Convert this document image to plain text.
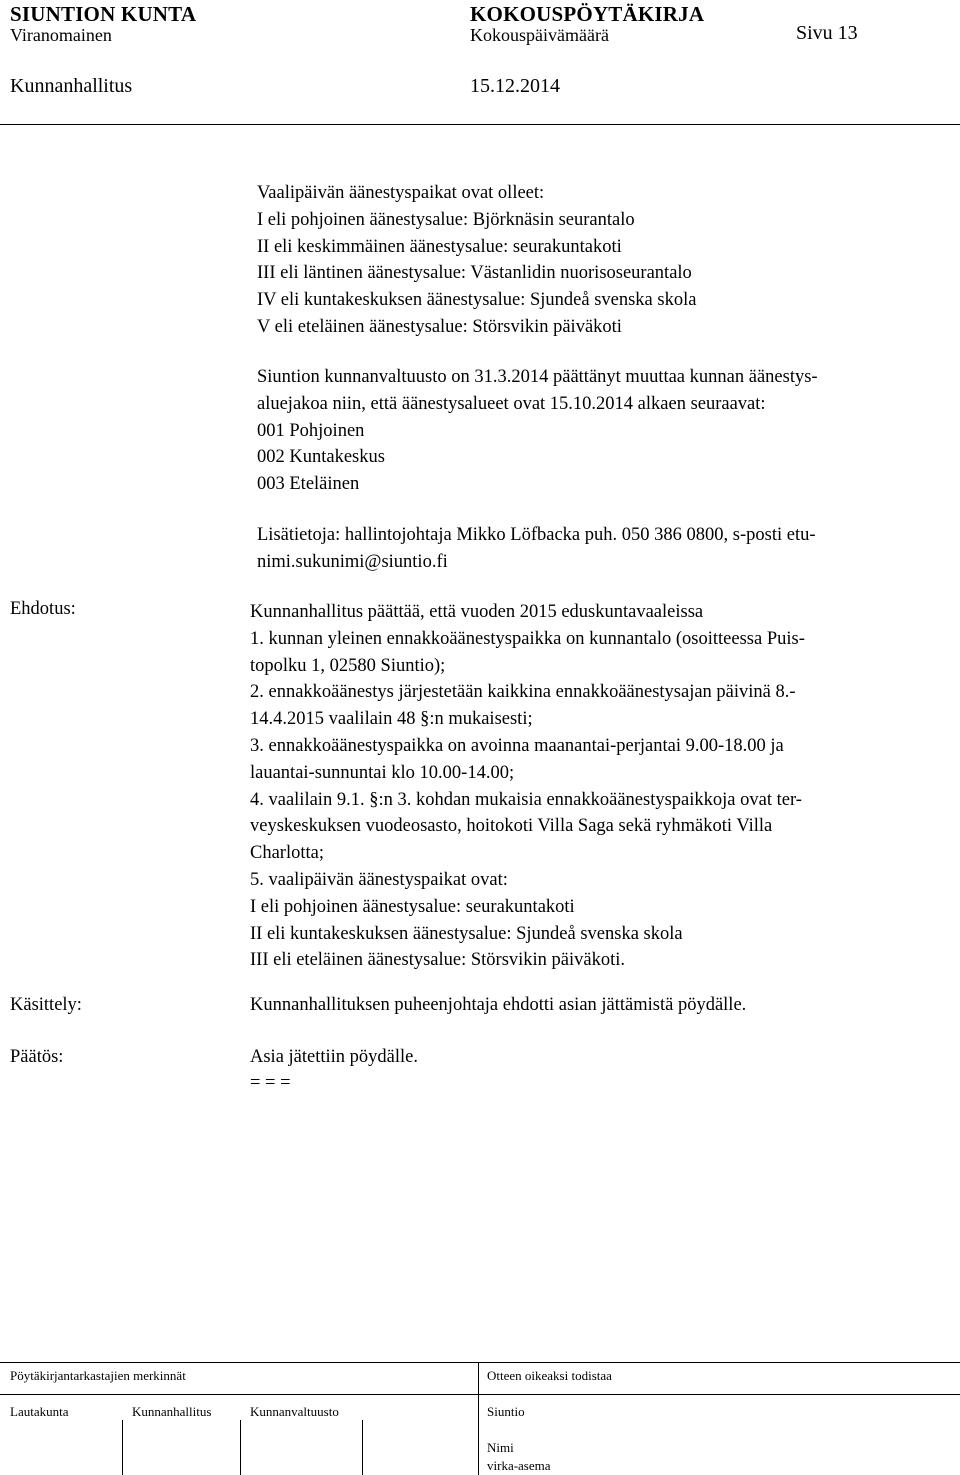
SIUNTION KUNTA	KOKOUSPÖYTÄKIRJA
Viranomainen	Kokouspäivämäärä	Sivu 13
Kunnanhallitus	15.12.2014
Vaalipäivän äänestyspaikat ovat olleet:
I eli pohjoinen äänestysalue: Björknäsin seurantalo
II eli keskimmäinen äänestysalue: seurakuntakoti
III eli läntinen äänestysalue: Västanlidin nuorisoseurantalo
IV eli kuntakeskuksen äänestysalue: Sjundeå svenska skola
V eli eteläinen äänestysalue: Störsvikin päiväkoti
Siuntion kunnanvaltuusto on 31.3.2014 päättänyt muuttaa kunnan äänestys-
aluejakoa niin, että äänestysalueet ovat 15.10.2014 alkaen seuraavat:
001 Pohjoinen
002 Kuntakeskus
003 Eteläinen
Lisätietoja: hallintojohtaja Mikko Löfbacka puh. 050 386 0800, s-posti etu-
nimi.sukunimi@siuntio.fi
Ehdotus:	Kunnanhallitus päättää, että vuoden 2015 eduskuntavaaleissa
1. kunnan yleinen ennakkoäänestyspaikka on kunnantalo (osoitteessa Puis-
topolku 1, 02580 Siuntio);
2. ennakkoäänestys järjestetään kaikkina ennakkoäänestysajan päivinä 8.-
14.4.2015 vaalilain 48 §:n mukaisesti;
3. ennakkoäänestyspaikka on avoinna maanantai-perjantai 9.00-18.00 ja
lauantai-sunnuntai klo 10.00-14.00;
4. vaalilain 9.1. §:n 3. kohdan mukaisia ennakkoäänestyspaikkoja ovat ter-
veyskeskuksen vuodeosasto, hoitokoti Villa Saga sekä ryhmäkoti Villa
Charlotta;
5. vaalipäivän äänestyspaikat ovat:
I eli pohjoinen äänestysalue: seurakuntakoti
II eli kuntakeskuksen äänestysalue: Sjundeå svenska skola
III eli eteläinen äänestysalue: Störsvikin päiväkoti.
Käsittely:	Kunnanhallituksen puheenjohtaja ehdotti asian jättämistä pöydälle.
Päätös:	Asia jätettiin pöydälle.
= = =
Pöytäkirjantarkastajien merkinnät	Otteen oikeaksi todistaa
Lautakunta	Kunnanhallitus	Kunnanvaltuusto	Siuntio
Nimi
virka-asema
